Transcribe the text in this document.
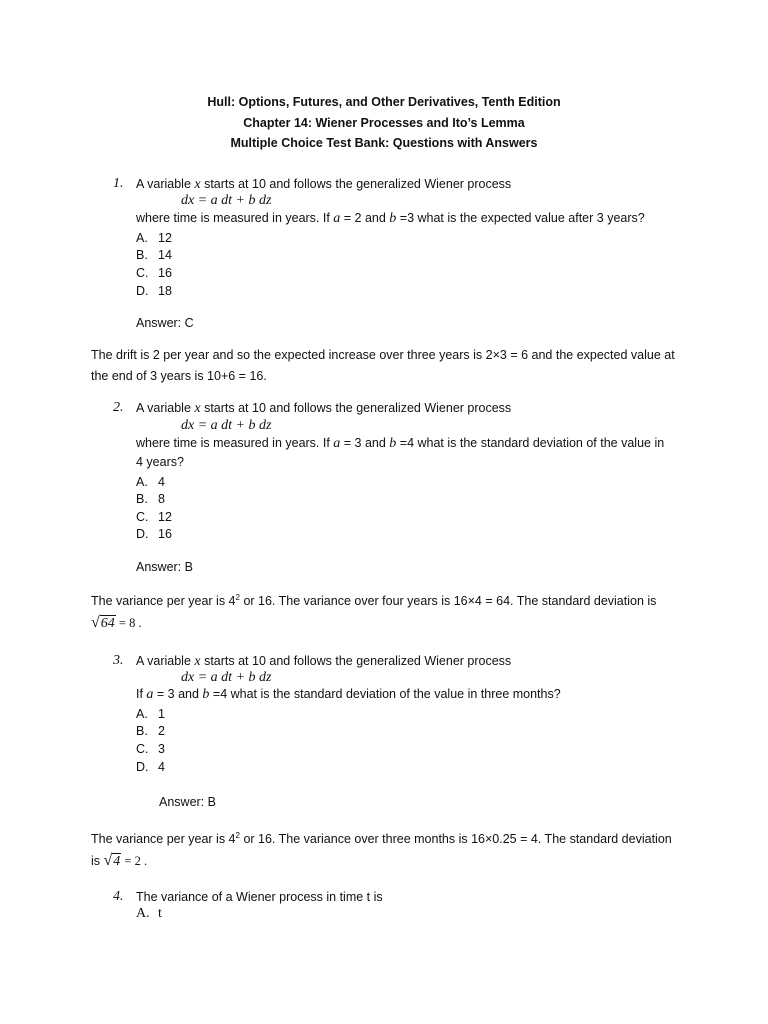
Hull: Options, Futures, and Other Derivatives, Tenth Edition
Chapter 14: Wiener Processes and Ito’s Lemma
Multiple Choice Test Bank: Questions with Answers
1. A variable x starts at 10 and follows the generalized Wiener process
dx = a dt + b dz
where time is measured in years. If a = 2 and b =3 what is the expected value after 3 years?
A. 12
B. 14
C. 16
D. 18
Answer: C
The drift is 2 per year and so the expected increase over three years is 2×3 = 6 and the expected value at
the end of 3 years is 10+6 = 16.
2. A variable x starts at 10 and follows the generalized Wiener process
dx = a dt + b dz
where time is measured in years. If a = 3 and b =4 what is the standard deviation of the value in
4 years?
A. 4
B. 8
C. 12
D. 16
Answer: B
The variance per year is $4^2$ or 16. The variance over four years is 16×4 = 64. The standard deviation is
√64 = 8 .
3. A variable x starts at 10 and follows the generalized Wiener process
dx = a dt + b dz
If a = 3 and b =4 what is the standard deviation of the value in three months?
A. 1
B. 2
C. 3
D. 4
Answer: B
The variance per year is $4^2$ or 16. The variance over three months is 16×0.25 = 4. The standard deviation
is √4 = 2 .
4. The variance of a Wiener process in time t is
A. t
